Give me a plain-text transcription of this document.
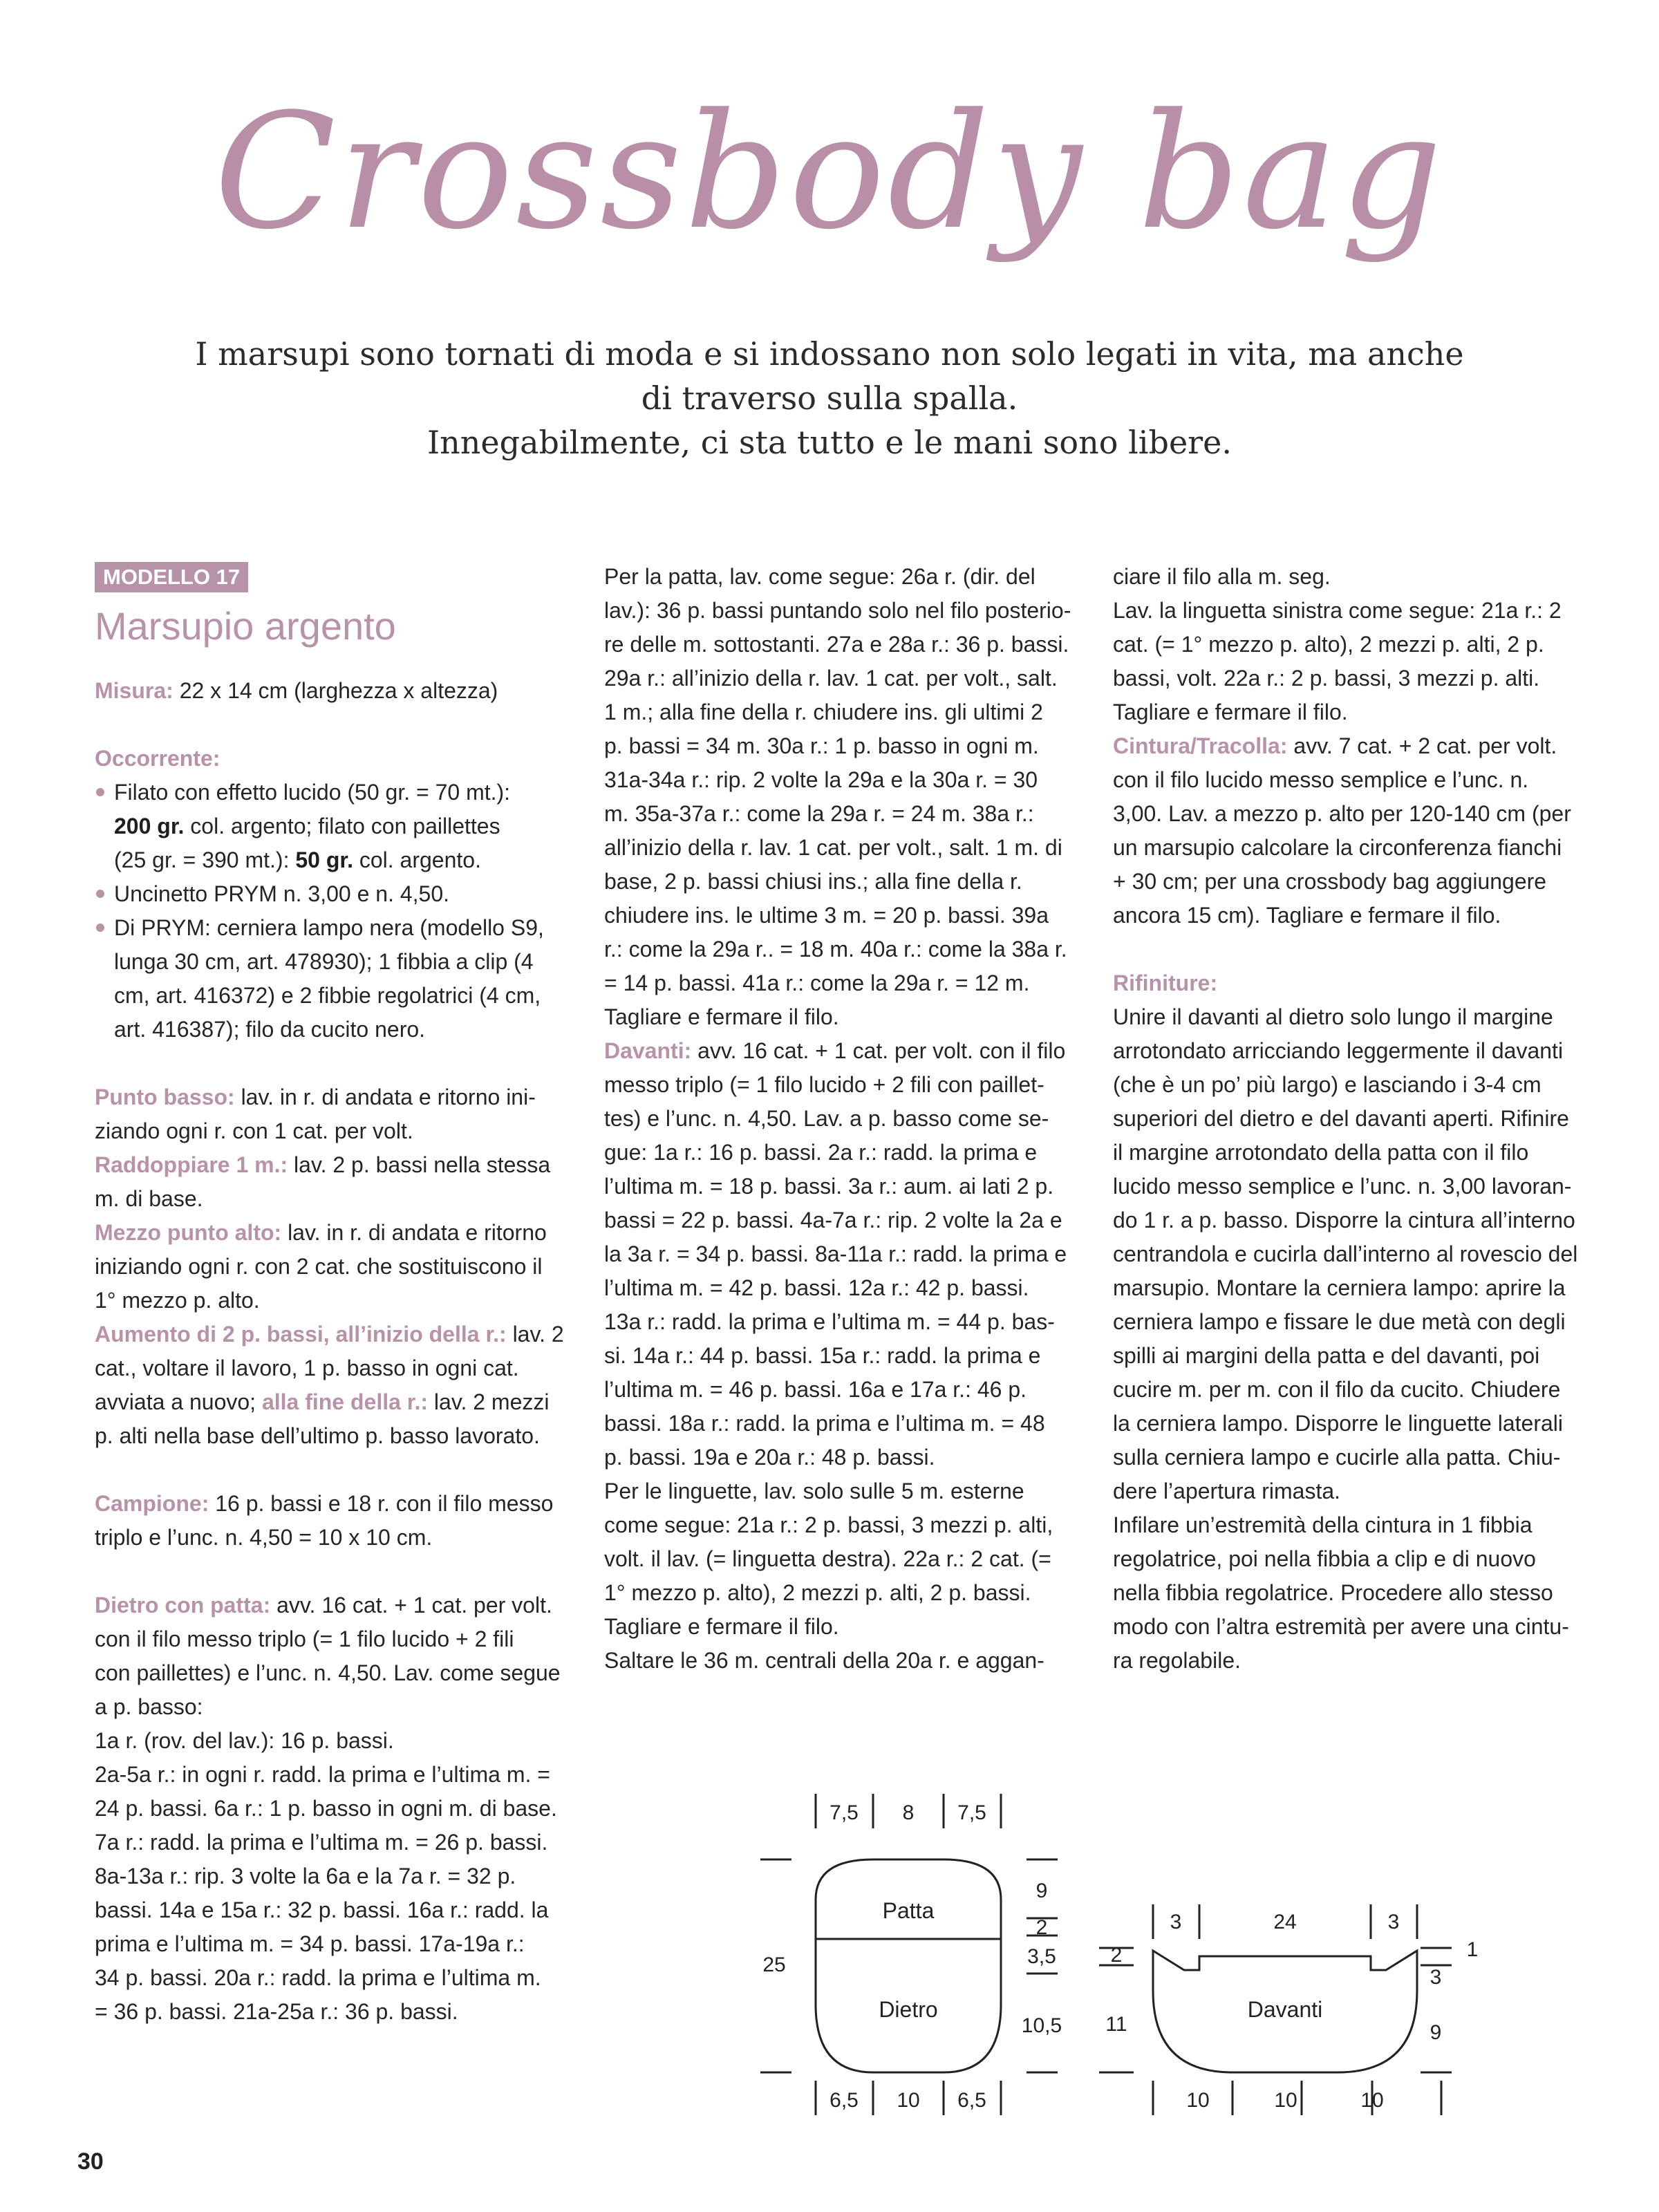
Crossbody bag
I marsupi sono tornati di moda e si indossano non solo legati in vita, ma anche
di traverso sulla spalla.
Innegabilmente, ci sta tutto e le mani sono libere.
MODELLO 17
Marsupio argento
Misura: 22 x 14 cm (larghezza x altezza)
Occorrente:
Filato con effetto lucido (50 gr. = 70 mt.):
200 gr. col. argento; filato con paillettes
(25 gr. = 390 mt.): 50 gr. col. argento.
Uncinetto PRYM n. 3,00 e n. 4,50.
Di PRYM: cerniera lampo nera (modello S9,
lunga 30 cm, art. 478930); 1 fibbia a clip (4
cm, art. 416372) e 2 fibbie regolatrici (4 cm,
art. 416387); filo da cucito nero.
Punto basso: lav. in r. di andata e ritorno ini-
ziando ogni r. con 1 cat. per volt.
Raddoppiare 1 m.: lav. 2 p. bassi nella stessa
m. di base.
Mezzo punto alto: lav. in r. di andata e ritorno
iniziando ogni r. con 2 cat. che sostituiscono il
1° mezzo p. alto.
Aumento di 2 p. bassi, all’inizio della r.: lav. 2
cat., voltare il lavoro, 1 p. basso in ogni cat.
avviata a nuovo; alla fine della r.: lav. 2 mezzi
p. alti nella base dell’ultimo p. basso lavorato.
Campione: 16 p. bassi e 18 r. con il filo messo
triplo e l’unc. n. 4,50 = 10 x 10 cm.
Dietro con patta: avv. 16 cat. + 1 cat. per volt.
con il filo messo triplo (= 1 filo lucido + 2 fili
con paillettes) e l’unc. n. 4,50. Lav. come segue
a p. basso:
1a r. (rov. del lav.): 16 p. bassi.
2a-5a r.: in ogni r. radd. la prima e l’ultima m. =
24 p. bassi. 6a r.: 1 p. basso in ogni m. di base.
7a r.: radd. la prima e l’ultima m. = 26 p. bassi.
8a-13a r.: rip. 3 volte la 6a e la 7a r. = 32 p.
bassi. 14a e 15a r.: 32 p. bassi. 16a r.: radd. la
prima e l’ultima m. = 34 p. bassi. 17a-19a r.:
34 p. bassi. 20a r.: radd. la prima e l’ultima m.
= 36 p. bassi. 21a-25a r.: 36 p. bassi.
Per la patta, lav. come segue: 26a r. (dir. del
lav.): 36 p. bassi puntando solo nel filo posterio-
re delle m. sottostanti. 27a e 28a r.: 36 p. bassi.
29a r.: all’inizio della r. lav. 1 cat. per volt., salt.
1 m.; alla fine della r. chiudere ins. gli ultimi 2
p. bassi = 34 m. 30a r.: 1 p. basso in ogni m.
31a-34a r.: rip. 2 volte la 29a e la 30a r. = 30
m. 35a-37a r.: come la 29a r. = 24 m. 38a r.:
all’inizio della r. lav. 1 cat. per volt., salt. 1 m. di
base, 2 p. bassi chiusi ins.; alla fine della r.
chiudere ins. le ultime 3 m. = 20 p. bassi. 39a
r.: come la 29a r.. = 18 m. 40a r.: come la 38a r.
= 14 p. bassi. 41a r.: come la 29a r. = 12 m.
Tagliare e fermare il filo.
Davanti: avv. 16 cat. + 1 cat. per volt. con il filo
messo triplo (= 1 filo lucido + 2 fili con paillet-
tes) e l’unc. n. 4,50. Lav. a p. basso come se-
gue: 1a r.: 16 p. bassi. 2a r.: radd. la prima e
l’ultima m. = 18 p. bassi. 3a r.: aum. ai lati 2 p.
bassi = 22 p. bassi. 4a-7a r.: rip. 2 volte la 2a e
la 3a r. = 34 p. bassi. 8a-11a r.: radd. la prima e
l’ultima m. = 42 p. bassi. 12a r.: 42 p. bassi.
13a r.: radd. la prima e l’ultima m. = 44 p. bas-
si. 14a r.: 44 p. bassi. 15a r.: radd. la prima e
l’ultima m. = 46 p. bassi. 16a e 17a r.: 46 p.
bassi. 18a r.: radd. la prima e l’ultima m. = 48
p. bassi. 19a e 20a r.: 48 p. bassi.
Per le linguette, lav. solo sulle 5 m. esterne
come segue: 21a r.: 2 p. bassi, 3 mezzi p. alti,
volt. il lav. (= linguetta destra). 22a r.: 2 cat. (=
1° mezzo p. alto), 2 mezzi p. alti, 2 p. bassi.
Tagliare e fermare il filo.
Saltare le 36 m. centrali della 20a r. e aggan-
ciare il filo alla m. seg.
Lav. la linguetta sinistra come segue: 21a r.: 2
cat. (= 1° mezzo p. alto), 2 mezzi p. alti, 2 p.
bassi, volt. 22a r.: 2 p. bassi, 3 mezzi p. alti.
Tagliare e fermare il filo.
Cintura/Tracolla: avv. 7 cat. + 2 cat. per volt.
con il filo lucido messo semplice e l’unc. n.
3,00. Lav. a mezzo p. alto per 120-140 cm (per
un marsupio calcolare la circonferenza fianchi
+ 30 cm; per una crossbody bag aggiungere
ancora 15 cm). Tagliare e fermare il filo.
Rifiniture:
Unire il davanti al dietro solo lungo il margine
arrotondato arricciando leggermente il davanti
(che è un po’ più largo) e lasciando i 3-4 cm
superiori del dietro e del davanti aperti. Rifinire
il margine arrotondato della patta con il filo
lucido messo semplice e l’unc. n. 3,00 lavoran-
do 1 r. a p. basso. Disporre la cintura all’interno
centrandola e cucirla dall’interno al rovescio del
marsupio. Montare la cerniera lampo: aprire la
cerniera lampo e fissare le due metà con degli
spilli ai margini della patta e del davanti, poi
cucire m. per m. con il filo da cucito. Chiudere
la cerniera lampo. Disporre le linguette laterali
sulla cerniera lampo e cucirle alla patta. Chiu-
dere l’apertura rimasta.
Infilare un’estremità della cintura in 1 fibbia
regolatrice, poi nella fibbia a clip e di nuovo
nella fibbia regolatrice. Procedere allo stesso
modo con l’altra estremità per avere una cintu-
ra regolabile.
7,5 8 7,5
6,5 10 6,5
25
9
2
3,5
10,5
Patta
Dietro
3	24	3
10	10	10
2
11
1
3
9
Davanti
30
